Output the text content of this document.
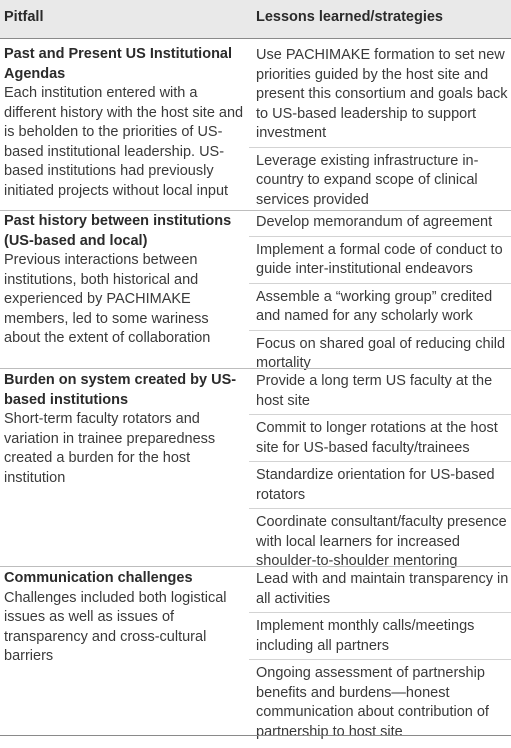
Pitfall	Lessons learned/strategies
Past and Present US Institutional Agendas
Each institution entered with a different history with the host site and is beholden to the priorities of US-based institutional leadership. US-based institutions had previously initiated projects without local input
Use PACHIMAKE formation to set new priorities guided by the host site and present this consortium and goals back to US-based leadership to support investment
Leverage existing infrastructure in-country to expand scope of clinical services provided
Past history between institutions (US-based and local)
Previous interactions between institutions, both historical and experienced by PACHIMAKE members, led to some wariness about the extent of collaboration
Develop memorandum of agreement
Implement a formal code of conduct to guide inter-institutional endeavors
Assemble a “working group” credited and named for any scholarly work
Focus on shared goal of reducing child mortality
Burden on system created by US-based institutions
Short-term faculty rotators and variation in trainee preparedness created a burden for the host institution
Provide a long term US faculty at the host site
Commit to longer rotations at the host site for US-based faculty/trainees
Standardize orientation for US-based rotators
Coordinate consultant/faculty presence with local learners for increased shoulder-to-shoulder mentoring
Communication challenges
Challenges included both logistical issues as well as issues of transparency and cross-cultural barriers
Lead with and maintain transparency in all activities
Implement monthly calls/meetings including all partners
Ongoing assessment of partnership benefits and burdens—honest communication about contribution of partnership to host site
